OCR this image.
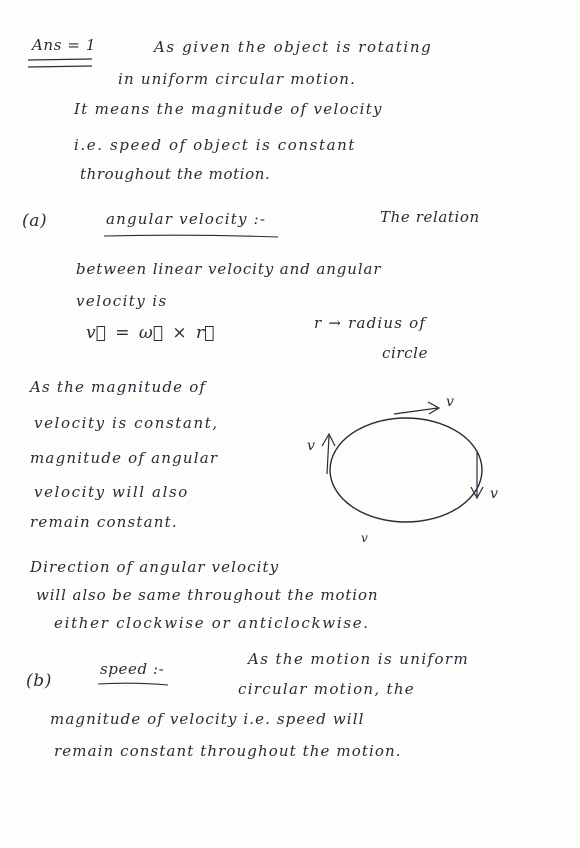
Ans = 1	As given the object is rotating
in uniform circular motion.
It means the magnitude of velocity
i.e. speed of object is constant
throughout the motion.
(a)	angular velocity :-	The relation
between linear velocity and angular
velocity is
v⃗ = ω⃗ × r⃗	r → radius of
circle
As the magnitude of
velocity is constant,
magnitude of angular
velocity will also
remain constant.
v
v
v
v
Direction of angular velocity
will also be same throughout the motion
either clockwise or anticlockwise.
(b)
speed :-
As the motion is uniform
circular motion, the
magnitude of velocity i.e. speed will
remain constant throughout the motion.
